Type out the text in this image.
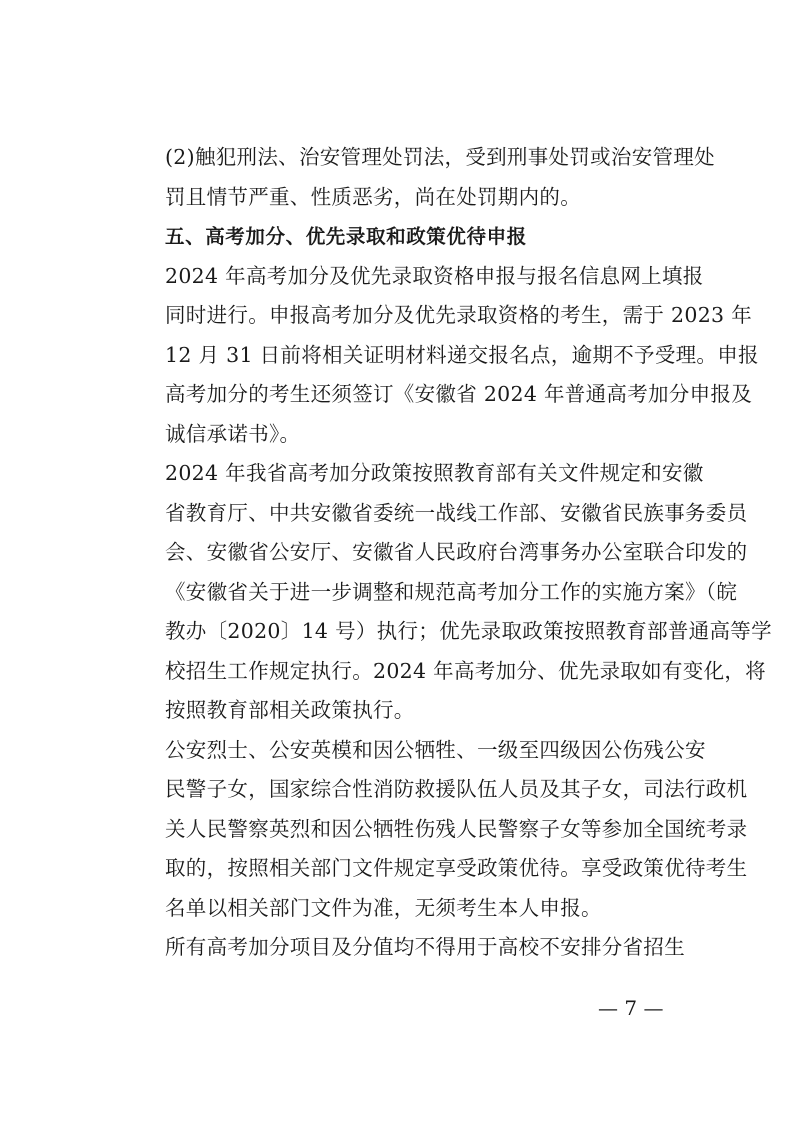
(2)触犯刑法、治安管理处罚法，受到刑事处罚或治安管理处
罚且情节严重、性质恶劣，尚在处罚期内的。

五、高考加分、优先录取和政策优待申报

2024 年高考加分及优先录取资格申报与报名信息网上填报
同时进行。申报高考加分及优先录取资格的考生，需于 2023 年
12 月 31 日前将相关证明材料递交报名点，逾期不予受理。申报
高考加分的考生还须签订《安徽省 2024 年普通高考加分申报及
诚信承诺书》。

2024 年我省高考加分政策按照教育部有关文件规定和安徽
省教育厅、中共安徽省委统一战线工作部、安徽省民族事务委员
会、安徽省公安厅、安徽省人民政府台湾事务办公室联合印发的
《安徽省关于进一步调整和规范高考加分工作的实施方案》（皖
教办〔2020〕14 号）执行；优先录取政策按照教育部普通高等学
校招生工作规定执行。2024 年高考加分、优先录取如有变化，将
按照教育部相关政策执行。

公安烈士、公安英模和因公牺牲、一级至四级因公伤残公安
民警子女，国家综合性消防救援队伍人员及其子女，司法行政机
关人民警察英烈和因公牺牲伤残人民警察子女等参加全国统考录
取的，按照相关部门文件规定享受政策优待。享受政策优待考生
名单以相关部门文件为准，无须考生本人申报。

所有高考加分项目及分值均不得用于高校不安排分省招生

— 7 —
